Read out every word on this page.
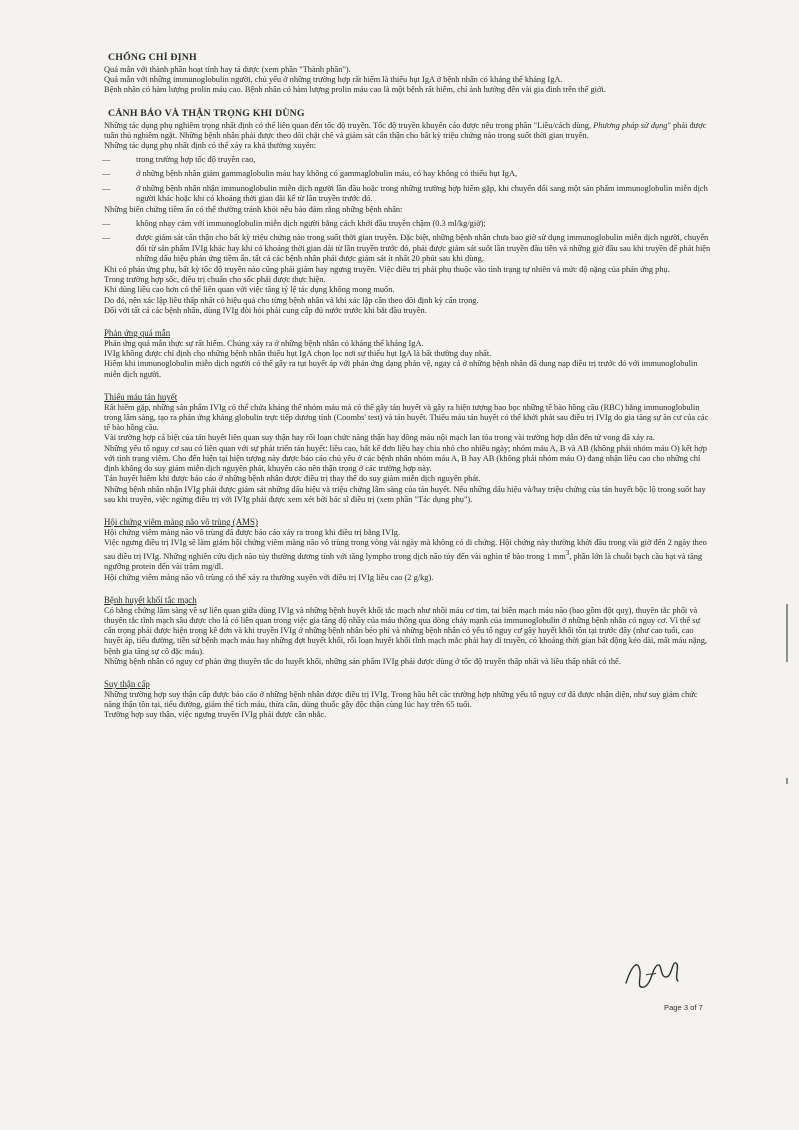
CHỐNG CHỈ ĐỊNH

Quá mẫn với thành phần hoạt tính hay tá dược (xem phần "Thành phần").

Quá mẫn với những immunoglobulin người, chủ yếu ở những trường hợp rất hiếm là thiếu hụt IgA ở bệnh nhân có kháng thể kháng IgA.

Bệnh nhân có hàm lượng prolin máu cao. Bệnh nhân có hàm lượng prolin máu cao là một bệnh rất hiếm, chỉ ảnh hưởng đến vài gia đình trên thế giới.

CẢNH BÁO VÀ THẬN TRỌNG KHI DÙNG

Những tác dụng phụ nghiêm trọng nhất định có thể liên quan đến tốc độ truyền. Tốc độ truyền khuyến cáo được nêu trong phần "Liều/cách dùng, Phương pháp sử dụng" phải được tuân thủ nghiêm ngặt. Những bệnh nhân phải được theo dõi chặt chẽ và giám sát cẩn thận cho bất kỳ triệu chứng nào trong suốt thời gian truyền.

Những tác dụng phụ nhất định có thể xảy ra khá thường xuyên:

—	trong trường hợp tốc độ truyền cao,
—	ở những bệnh nhân giảm gammaglobulin máu hay không có gammaglobulin máu, có hay không có thiếu hụt IgA,
—	ở những bệnh nhân nhận immunoglobulin miễn dịch người lần đầu hoặc trong những trường hợp hiếm gặp, khi chuyển đổi sang một sản phẩm immunoglobulin miễn dịch người khác hoặc khi có khoảng thời gian dài kể từ lần truyền trước đó.

Những biến chứng tiềm ẩn có thể thường tránh khỏi nếu bảo đảm rằng những bệnh nhân:

—	không nhạy cảm với immunoglobulin miễn dịch người bằng cách khởi đầu truyền chậm (0.3 ml/kg/giờ);
—	được giám sát cẩn thận cho bất kỳ triệu chứng nào trong suốt thời gian truyền. Đặc biệt, những bệnh nhân chưa bao giờ sử dụng immunoglobulin miễn dịch người, chuyển đổi từ sản phẩm IVIg khác hay khi có khoảng thời gian dài từ lần truyền trước đó, phải được giám sát suốt lần truyền đầu tiên và những giờ đầu sau khi truyền để phát hiện những dấu hiệu phản ứng tiềm ẩn. tất cả các bệnh nhân phải được giám sát ít nhất 20 phút sau khi dùng.

Khi có phản ứng phụ, bất kỳ tốc độ truyền nào cũng phải giảm hay ngưng truyền. Việc điều trị phải phụ thuộc vào tình trạng tự nhiên và mức độ nặng của phản ứng phụ.

Trong trường hợp sốc, điều trị chuẩn cho sốc phải được thực hiện.

Khi dùng liều cao hơn có thể liên quan với việc tăng tỷ lệ tác dụng không mong muốn.

Do đó, nên xác lập liều thấp nhất có hiệu quả cho từng bệnh nhân và khi xác lập cần theo dõi định kỳ cẩn trọng.

Đối với tất cả các bệnh nhân, dùng IVIg đòi hỏi phải cung cấp đủ nước trước khi bắt đầu truyền.

Phản ứng quá mẫn

Phản ứng quá mẫn thực sự rất hiếm. Chúng xảy ra ở những bệnh nhân có kháng thể kháng IgA.

IVIg không được chỉ định cho những bệnh nhân thiếu hụt IgA chọn lọc nơi sự thiếu hụt IgA là bất thường duy nhất.

Hiếm khi immunoglobulin miễn dịch người có thể gây ra tụt huyết áp với phản ứng dạng phản vệ, ngay cả ở những bệnh nhân đã dung nạp điều trị trước đó với immunoglobulin miễn dịch người.

Thiếu máu tán huyết

Rất hiếm gặp, những sản phẩm IVIg có thể chứa kháng thể nhóm máu mà có thể gây tán huyết và gây ra hiện tượng bao bọc những tế bào hồng cầu (RBC) bằng immunoglobulin trong lâm sàng, tạo ra phản ứng kháng globulin trực tiếp dương tính (Coombs' test) và tán huyết. Thiếu máu tán huyết có thể khởi phát sau điều trị IVIg do gia tăng sự ăn cư của các tế bào hồng cầu.

Vài trường hợp cá biệt của tán huyết liên quan suy thận hay rối loạn chức năng thận hay đông máu nội mạch lan tỏa trong vài trường hợp dẫn đến tử vong đã xảy ra.

Những yếu tố nguy cơ sau có liên quan với sự phát triển tán huyết: liều cao, bất kể đơn liều hay chia nhỏ cho nhiều ngày; nhóm máu A, B và AB (không phải nhóm máu O) kết hợp với tình trạng viêm. Cho đến hiện tại hiện tượng này được báo cáo chủ yếu ở các bệnh nhân nhóm máu A, B hay AB (không phải nhóm máu O) đang nhận liều cao cho những chỉ định không do suy giảm miễn dịch nguyên phát, khuyến cáo nên thận trọng ở các trường hợp này.

Tán huyết hiếm khi được báo cáo ở những bệnh nhân được điều trị thay thế do suy giảm miễn dịch nguyên phát.

Những bệnh nhân nhận IVIg phải được giám sát những dấu hiệu và triệu chứng lâm sàng của tán huyết. Nếu những dấu hiệu và/hay triệu chứng của tán huyết bộc lộ trong suốt hay sau khi truyền, việc ngừng điều trị với IVIg phải được xem xét bởi bác sĩ điều trị (xem phần "Tác dụng phụ").

Hội chứng viêm màng não vô trùng (AMS)

Hội chứng viêm màng não vô trùng đã được báo cáo xảy ra trong khi điều trị bằng IVIg.

Việc ngưng điều trị IVIg sẽ làm giảm hội chứng viêm màng não vô trùng trong vòng vài ngày mà không có di chứng. Hội chứng này thường khởi đầu trong vài giờ đến 2 ngày theo sau điều trị IVIg. Những nghiên cứu dịch não tủy thường dương tính với tăng lympho trong dịch não tủy đến vài nghìn tế bào trong 1 $mm^3$, phần lớn là chuỗi bạch cầu hạt và tăng ngưỡng protein đến vài trăm mg/dl.

Hội chứng viêm màng não vô trùng có thể xảy ra thường xuyên với điều trị IVIg liều cao (2 g/kg).

Bệnh huyết khối tắc mạch

Có bằng chứng lâm sàng về sự liên quan giữa dùng IVIg và những bệnh huyết khối tắc mạch như nhồi máu cơ tim, tai biến mạch máu não (bao gồm đột quỵ), thuyên tắc phổi và thuyên tắc tĩnh mạch sâu được cho là có liên quan trong việc gia tăng độ nhầy của máu thông qua dòng chảy mạnh của immunoglobulin ở những bệnh nhân có nguy cơ. Vì thế sự cẩn trọng phải được hiện trong kê đơn và khi truyền IVIg ở những bệnh nhân béo phì và những bệnh nhân có yếu tố nguy cơ gây huyết khối tồn tại trước đây (như cao tuổi, cao huyết áp, tiểu đường, tiền sử bệnh mạch máu hay những đợt huyết khối, rối loạn huyết khối tĩnh mạch mắc phải hay di truyền, có khoảng thời gian bất động kéo dài, mất máu nặng, bệnh gia tăng sự cô đặc máu).

Những bệnh nhân có nguy cơ phản ứng thuyên tắc do huyết khối, những sản phẩm IVIg phải được dùng ở tốc độ truyền thấp nhất và liều thấp nhất có thể.

Suy thận cấp

Những trường hợp suy thận cấp được báo cáo ở những bệnh nhân được điều trị IVIg. Trong hầu hết các trường hợp những yếu tố nguy cơ đã được nhận diện, như suy giảm chức năng thận tồn tại, tiểu đường, giảm thể tích máu, thừa cân, dùng thuốc gây độc thận cùng lúc hay trên 65 tuổi.

Trường hợp suy thận, việc ngưng truyền IVIg phải được cân nhắc.

Page 3 of 7
